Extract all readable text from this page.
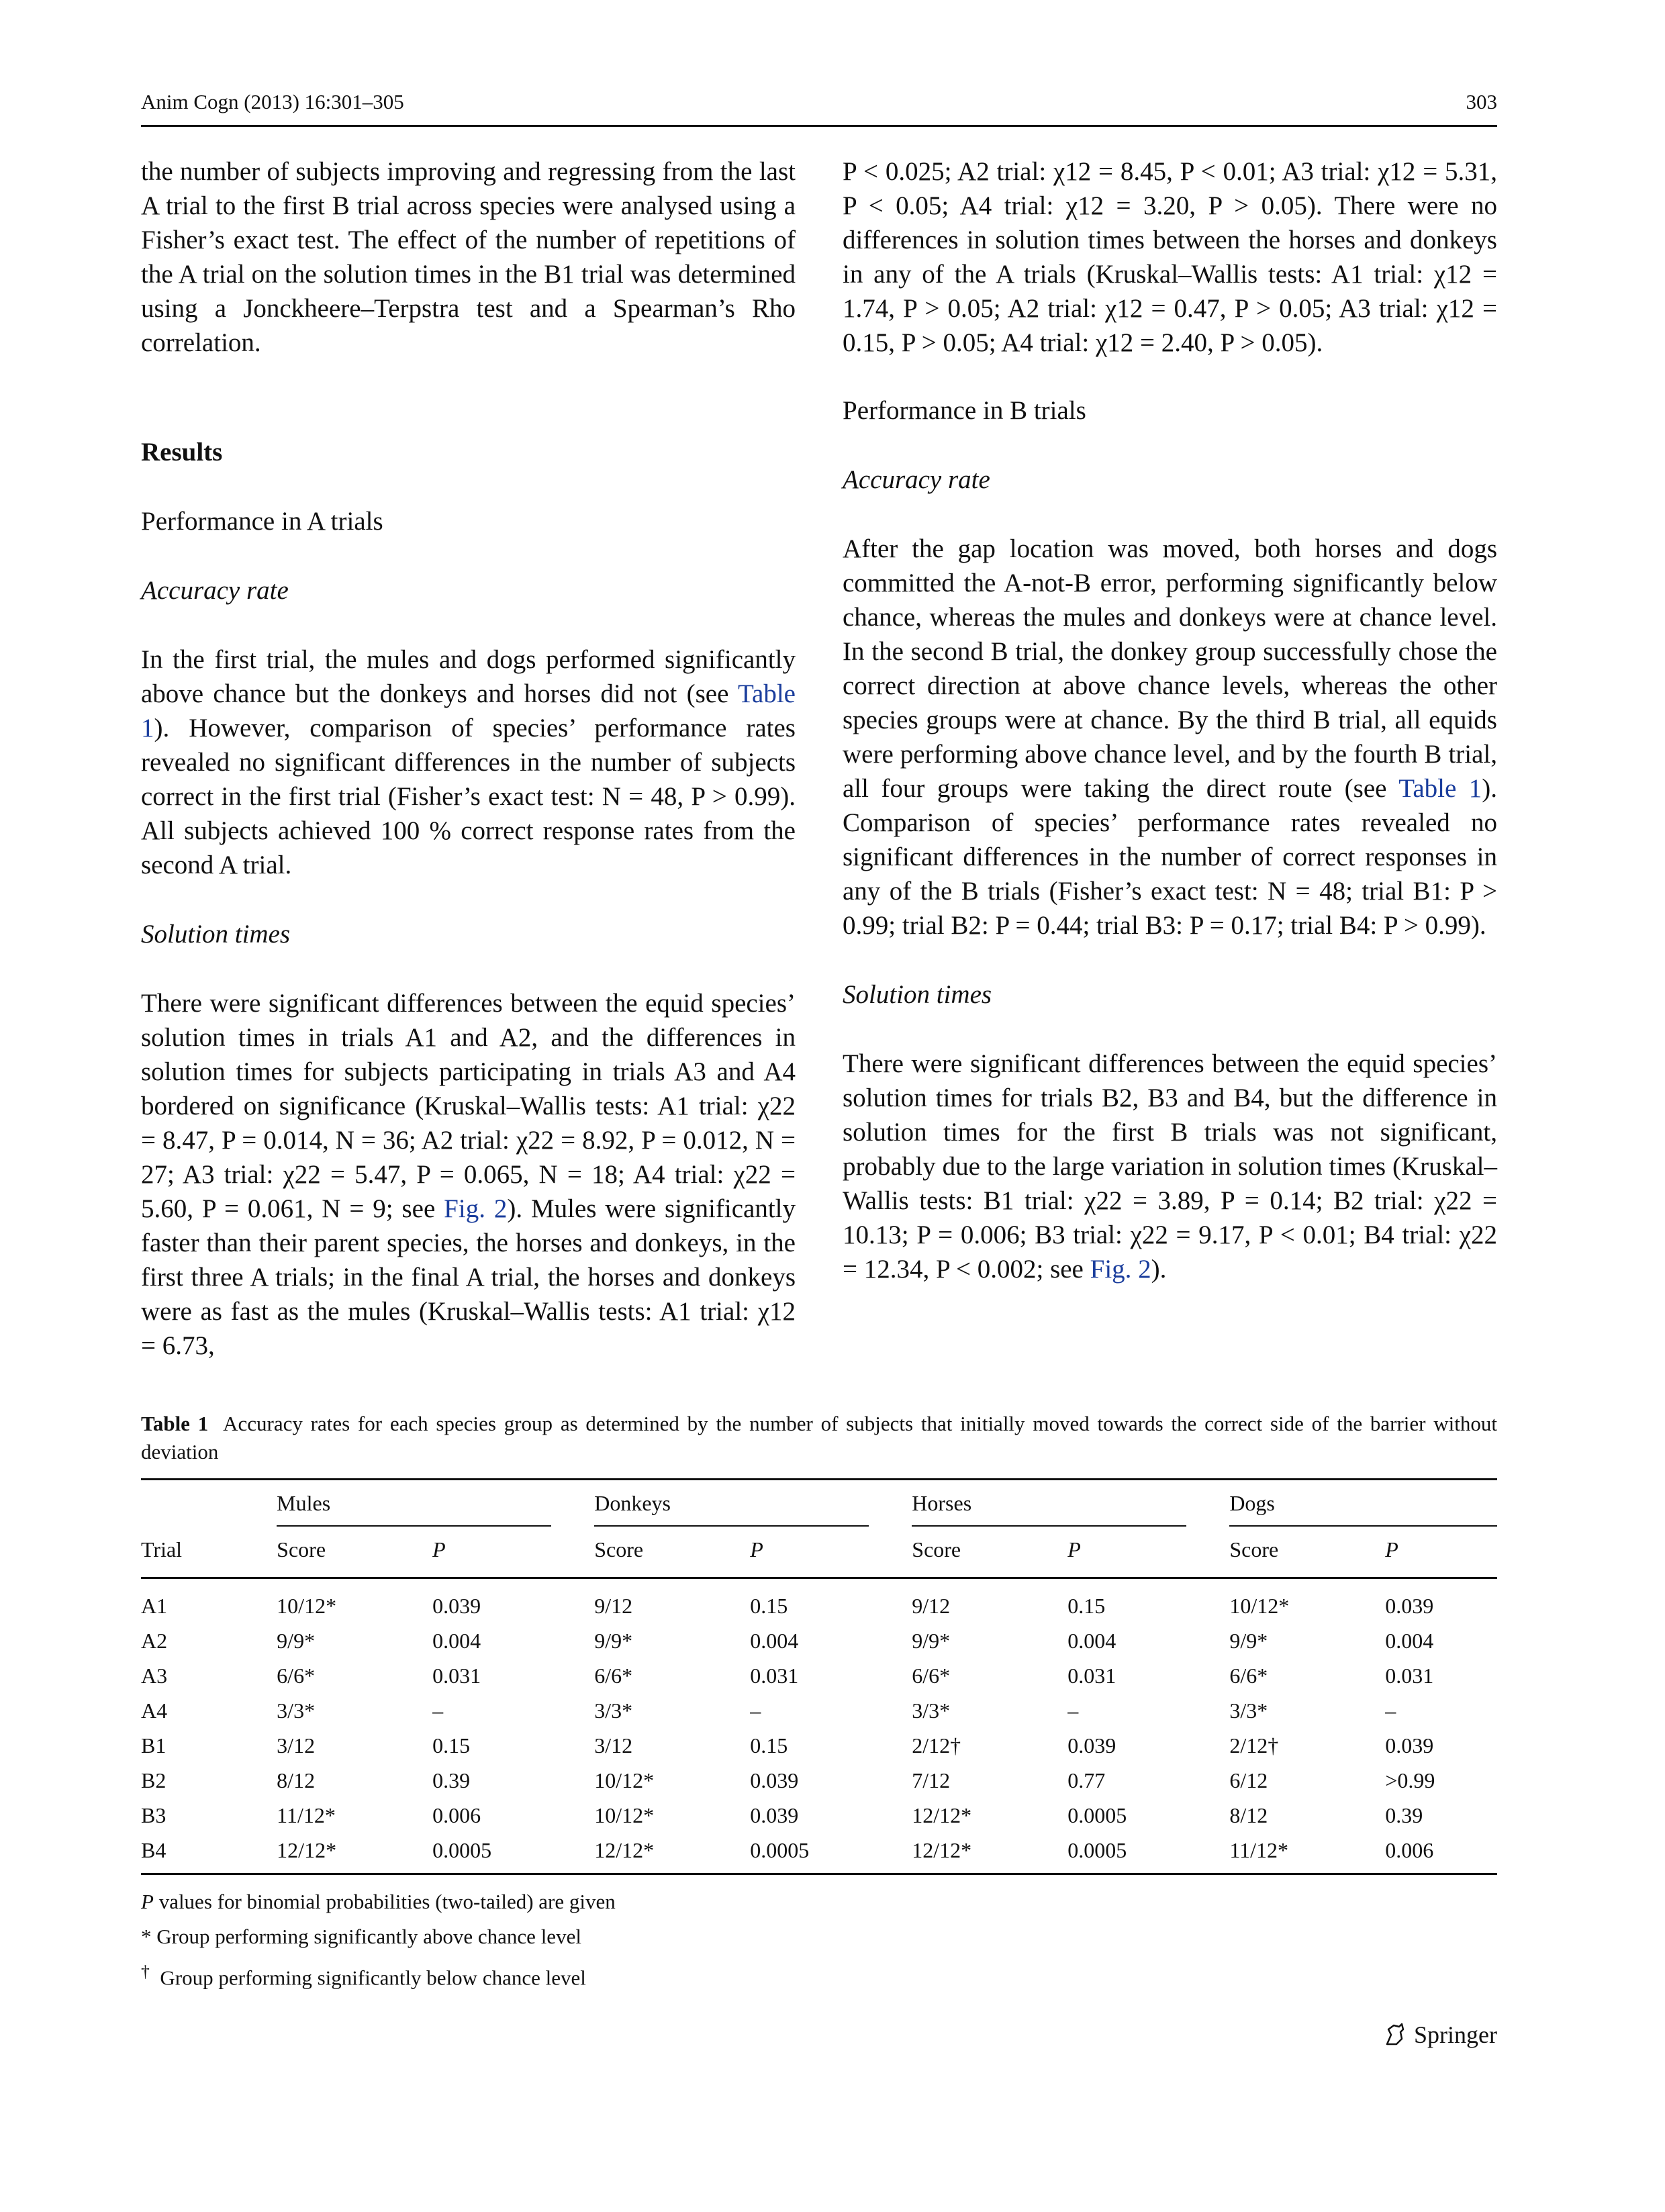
Anim Cogn (2013) 16:301–305	303

the number of subjects improving and regressing from the last A trial to the first B trial across species were analysed using a Fisher’s exact test. The effect of the number of repetitions of the A trial on the solution times in the B1 trial was determined using a Jonckheere–Terpstra test and a Spearman’s Rho correlation.

Results

Performance in A trials

Accuracy rate

In the first trial, the mules and dogs performed significantly above chance but the donkeys and horses did not (see Table 1). However, comparison of species’ performance rates revealed no significant differences in the number of subjects correct in the first trial (Fisher’s exact test: N = 48, P > 0.99). All subjects achieved 100 % correct response rates from the second A trial.

Solution times

There were significant differences between the equid species’ solution times in trials A1 and A2, and the differences in solution times for subjects participating in trials A3 and A4 bordered on significance (Kruskal–Wallis tests: A1 trial: χ22 = 8.47, P = 0.014, N = 36; A2 trial: χ22 = 8.92, P = 0.012, N = 27; A3 trial: χ22 = 5.47, P = 0.065, N = 18; A4 trial: χ22 = 5.60, P = 0.061, N = 9; see Fig. 2). Mules were significantly faster than their parent species, the horses and donkeys, in the first three A trials; in the final A trial, the horses and donkeys were as fast as the mules (Kruskal–Wallis tests: A1 trial: χ12 = 6.73,

P < 0.025; A2 trial: χ12 = 8.45, P < 0.01; A3 trial: χ12 = 5.31, P < 0.05; A4 trial: χ12 = 3.20, P > 0.05). There were no differences in solution times between the horses and donkeys in any of the A trials (Kruskal–Wallis tests: A1 trial: χ12 = 1.74, P > 0.05; A2 trial: χ12 = 0.47, P > 0.05; A3 trial: χ12 = 0.15, P > 0.05; A4 trial: χ12 = 2.40, P > 0.05).

Performance in B trials

Accuracy rate

After the gap location was moved, both horses and dogs committed the A-not-B error, performing significantly below chance, whereas the mules and donkeys were at chance level. In the second B trial, the donkey group successfully chose the correct direction at above chance levels, whereas the other species groups were at chance. By the third B trial, all equids were performing above chance level, and by the fourth B trial, all four groups were taking the direct route (see Table 1). Comparison of species’ performance rates revealed no significant differences in the number of correct responses in any of the B trials (Fisher’s exact test: N = 48; trial B1: P > 0.99; trial B2: P = 0.44; trial B3: P = 0.17; trial B4: P > 0.99).

Solution times

There were significant differences between the equid species’ solution times for trials B2, B3 and B4, but the difference in solution times for the first B trials was not significant, probably due to the large variation in solution times (Kruskal–Wallis tests: B1 trial: χ22 = 3.89, P = 0.14; B2 trial: χ22 = 10.13; P = 0.006; B3 trial: χ22 = 9.17, P < 0.01; B4 trial: χ22 = 12.34, P < 0.002; see Fig. 2).

Table 1 Accuracy rates for each species group as determined by the number of subjects that initially moved towards the correct side of the barrier without deviation

	Mules			Donkeys			Horses			Dogs	
Trial	Score	P		Score	P		Score	P		Score	P
A1	10/12*	0.039		9/12	0.15		9/12	0.15		10/12*	0.039
A2	9/9*	0.004		9/9*	0.004		9/9*	0.004		9/9*	0.004
A3	6/6*	0.031		6/6*	0.031		6/6*	0.031		6/6*	0.031
A4	3/3*	–		3/3*	–		3/3*	–		3/3*	–
B1	3/12	0.15		3/12	0.15		2/12†	0.039		2/12†	0.039
B2	8/12	0.39		10/12*	0.039		7/12	0.77		6/12	>0.99
B3	11/12*	0.006		10/12*	0.039		12/12*	0.0005		8/12	0.39
B4	12/12*	0.0005		12/12*	0.0005		12/12*	0.0005		11/12*	0.006
P values for binomial probabilities (two-tailed) are given
* Group performing significantly above chance level
† Group performing significantly below chance level
Springer
